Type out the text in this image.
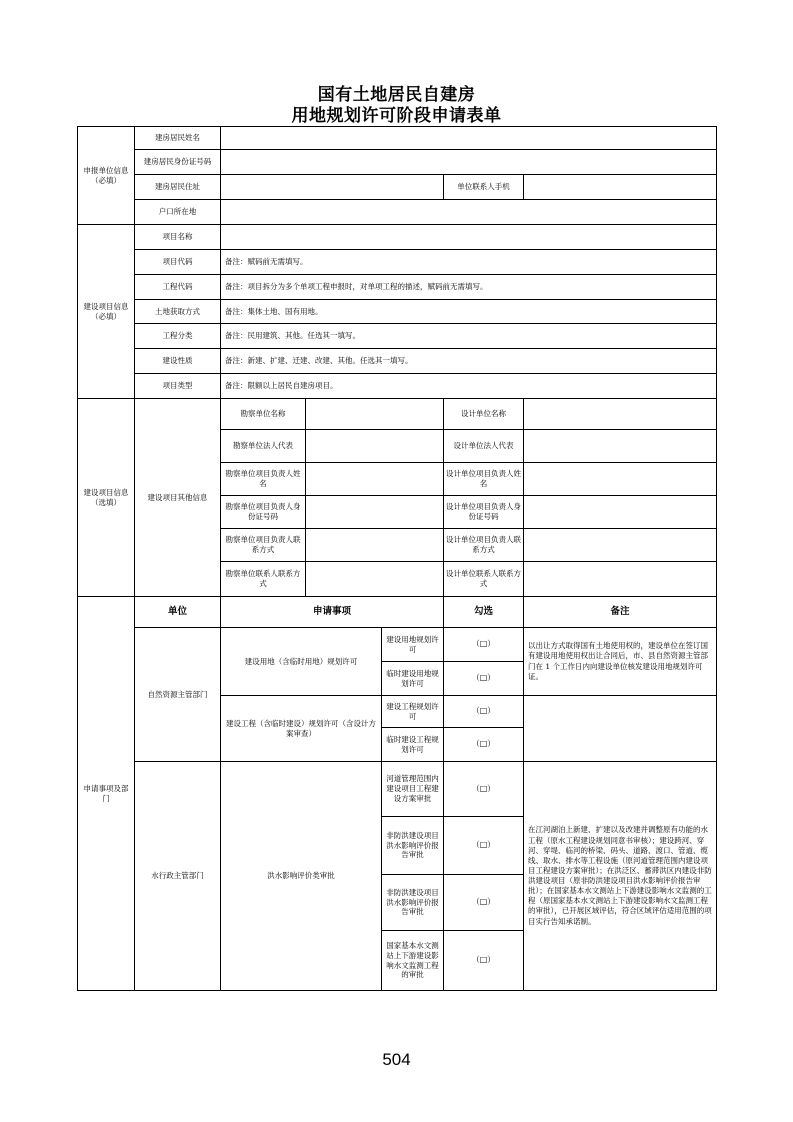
国有土地居民自建房
用地规划许可阶段申请表单
申报单位信息（必填）	建房居民姓名					
	建房居民身份证号码					
	建房居民住址				单位联系人手机	
	户口所在地					
建设项目信息（必填）	项目名称					
	项目代码	备注：赋码前无需填写。				
	工程代码	备注：项目拆分为多个单项工程申报时，对单项工程的描述，赋码前无需填写。				
	土地获取方式	备注：集体土地、国有用地。				
	工程分类	备注：民用建筑、其他。任选其一填写。				
	建设性质	备注：新建、扩建、迁建、改建、其他。任选其一填写。				
	项目类型	备注：限额以上居民自建房项目。				
建设项目信息（选填）	建设项目其他信息	勘察单位名称			设计单位名称	
		勘察单位法人代表			设计单位法人代表	
		勘察单位项目负责人姓名			设计单位项目负责人姓名	
		勘察单位项目负责人身份证号码			设计单位项目负责人身份证号码	
		勘察单位项目负责人联系方式			设计单位项目负责人联系方式	
		勘察单位联系人联系方式			设计单位联系人联系方式	
申请事项及部门	单位	申请事项			勾选	备注
	自然资源主管部门	建设用地（含临时用地）规划许可		建设用地规划许可	（□）	以出让方式取得国有土地使用权的，建设单位在签订国有建设用地使用权出让合同后，市、县自然资源主管部门在 1 个工作日内向建设单位核发建设用地规划许可证。
				临时建设用地规划许可	（□）	
		建设工程（含临时建设）规划许可（含设计方案审查）		建设工程规划许可	（□）	
				临时建设工程规划许可	（□）	
	水行政主管部门	洪水影响评价类审批		河道管理范围内建设项目工程建设方案审批	（□）	在江河湖泊上新建、扩建以及改建并调整原有功能的水工程（原水工程建设规划同意书审核）；建设跨河、穿河、穿堤、临河的桥梁、码头、道路、渡口、管道、缆线、取水、排水等工程设施（原河道管理范围内建设项目工程建设方案审批）；在洪泛区、蓄滞洪区内建设非防洪建设项目（原非防洪建设项目洪水影响评价报告审批）；在国家基本水文测站上下游建设影响水文监测的工程（原国家基本水文测站上下游建设影响水文监测工程的审批），已开展区域评估，符合区域评估适用范围的项目实行告知承诺制。
				非防洪建设项目洪水影响评价报告审批	（□）	
				非防洪建设项目洪水影响评价报告审批	（□）	
				国家基本水文测站上下游建设影响水文监测工程的审批	（□）	
504
